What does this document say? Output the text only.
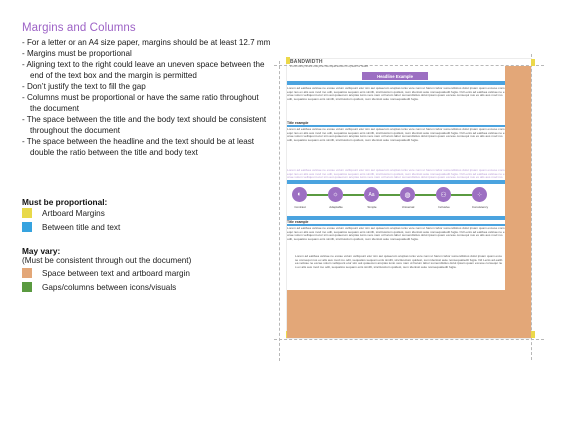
Margins and Columns
- For a letter or an A4 size paper, margins should be at least 12.7 mm
- Margins must be proportional
- Aligning text to the right could leave an uneven space between the end of the text box and the margin is permitted
- Don’t justify the text to fill the gap
- Columns must be proportional or have the same ratio throughout the document
- The space between the title and the body text should be consistent throughout the document
- The space between the headline and the text should be at least double the ratio between the title and body text
Must be proportional:
Artboard Margins
Between title and text
May vary:
(Must be consistent through out the document)
Space between text and artboard margin
Gaps/columns between icons/visuals
BANDWIDTH
a community where everyone has equal access to a place for health
Headline Example
Lorem ad eatibea velicae ne excae volum velliquunt etur sim aut quiaecum aruptas iunio vere nam ut harum labor sumendistius dolut ipsam quam excese consequi nus ex alis aus mod mo odit, sequatios sequam enis simillt, sinctiuscium quidest, sum idenisst aute nonsequatiedit fugia. Od Lenis ad eatibea velicae ne excae volum velliquunt etur sim aut quiaecum aruptas iunio vere nam ut harum labor sumendistius dolut ipsam quam excese consequi nus ex alis aus mod mo odit, sequatios sequam enis simillt, sinctiuscium quidest, sum idenisst aute nonsequatiedit fugia.
Title example
Lorem ad eatibea velicae ne excae volum velliquunt etur sim aut quiaecum aruptas iunio vere nam ut harum labor sumendistius dolut ipsam quam excese consequi nus ex alis aus mod mo odit, sequatios sequam enis simillt, sinctiuscium quidest, sum idenisst aute nonsequatiedit fugia. Od Lenis ad eatibea velicae ne excae volum velliquunt etur sim aut quiaecum aruptas iunio vere nam ut harum labor sumendistius dolut ipsam quam excese consequi nus ex alis aus mod mo odit, sequatios sequam enis simillt, sinctiuscium quidest, sum idenisst aute nonsequatiedit fugia.
Lorem ad eatibea velicae ne excae volum velliquunt etur sim aut quiaecum aruptas iunio vere nam ut harum labor sumendistius dolut ipsam quam excese consequi nus ex alis aus mod mo odit, sequatios sequam enis simillt, sinctiuscium quidest, sum idenisst aute nonsequatiedit fugia. Od Lenis ad eatibea velicae ne excae volum velliquunt etur sim aut quiaecum aruptas iunio vere nam ut harum labor sumendistius dolut ipsam quam excese consequi nus ex alis aus mod mo
◐	☼	Aa	◍	⚇	⁘
Contrast	Adaptable	Simple	Universal	Inclusive	Consistency
Title example
Lorem ad eatibea velicae ne excae volum velliquunt etur sim aut quiaecum aruptas iunio vere nam ut harum labor sumendistius dolut ipsam quam excese consequi nus ex alis aus mod mo odit, sequatios sequam enis simillt, sinctiuscium quidest, sum idenisst aute nonsequatiedit fugia. Od Lenis ad eatibea velicae ne excae volum velliquunt etur sim aut quiaecum aruptas iunio vere nam ut harum labor sumendistius dolut ipsam quam excese consequi nus ex alis aus mod mo odit, sequatios sequam enis simillt, sinctiuscium quidest, sum idenisst aute nonsequatiedit fugia.
Lorem ad eatibea velicae ne excae volum velliquunt etur sim aut quiaecum aruptas iunio vere nam ut harum labor sumendistius dolut ipsam quam excese consequi nus ex alis aus mod mo odit, sequatios sequam enis simillt, sinctiuscium quidest, sum idenisst aute nonsequatiedit fugia. Od Lenis ad eatibea velicae ne excae volum velliquunt etur sim aut quiaecum aruptas iunio vere nam ut harum labor sumendistius dolut ipsam quam excese consequi nus ex alis aus mod mo odit, sequatios sequam enis simillt, sinctiuscium quidest, sum idenisst aute nonsequatiedit fugia.
